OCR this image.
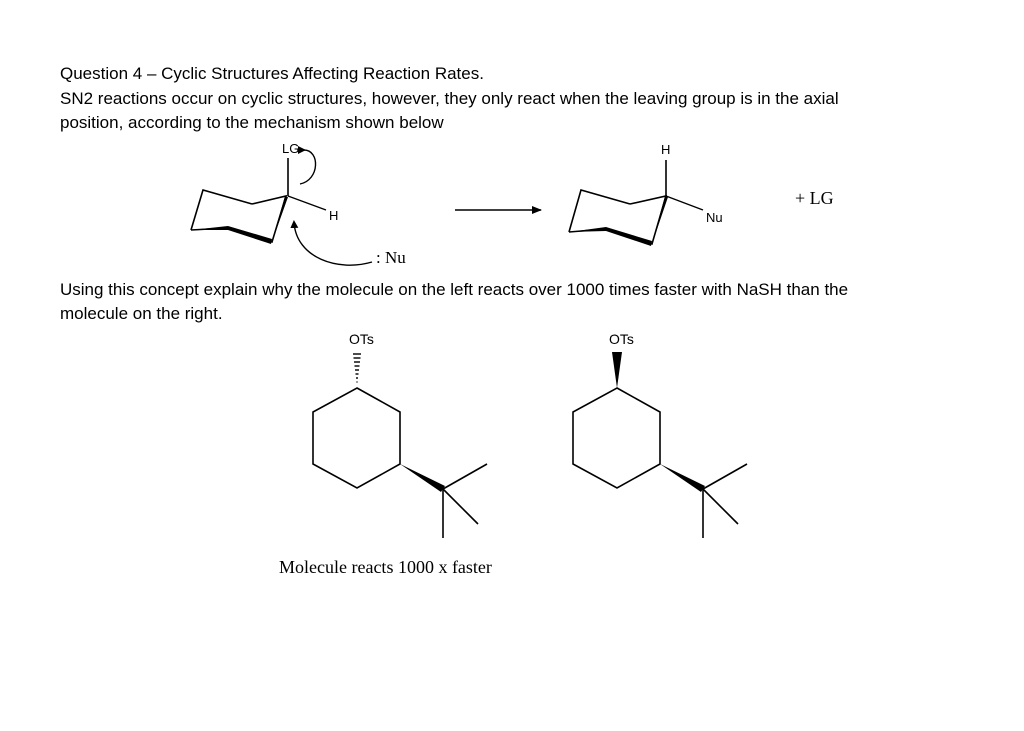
Question 4 – Cyclic Structures Affecting Reaction Rates.
SN2 reactions occur on cyclic structures, however, they only react when the leaving group is in the axial
position, according to the mechanism shown below
Using this concept explain why the molecule on the left reacts over 1000 times faster with NaSH than the
molecule on the right.
LG
H
: Nu
H
Nu
+ LG
OTs
Molecule reacts 1000 x faster
OTs
